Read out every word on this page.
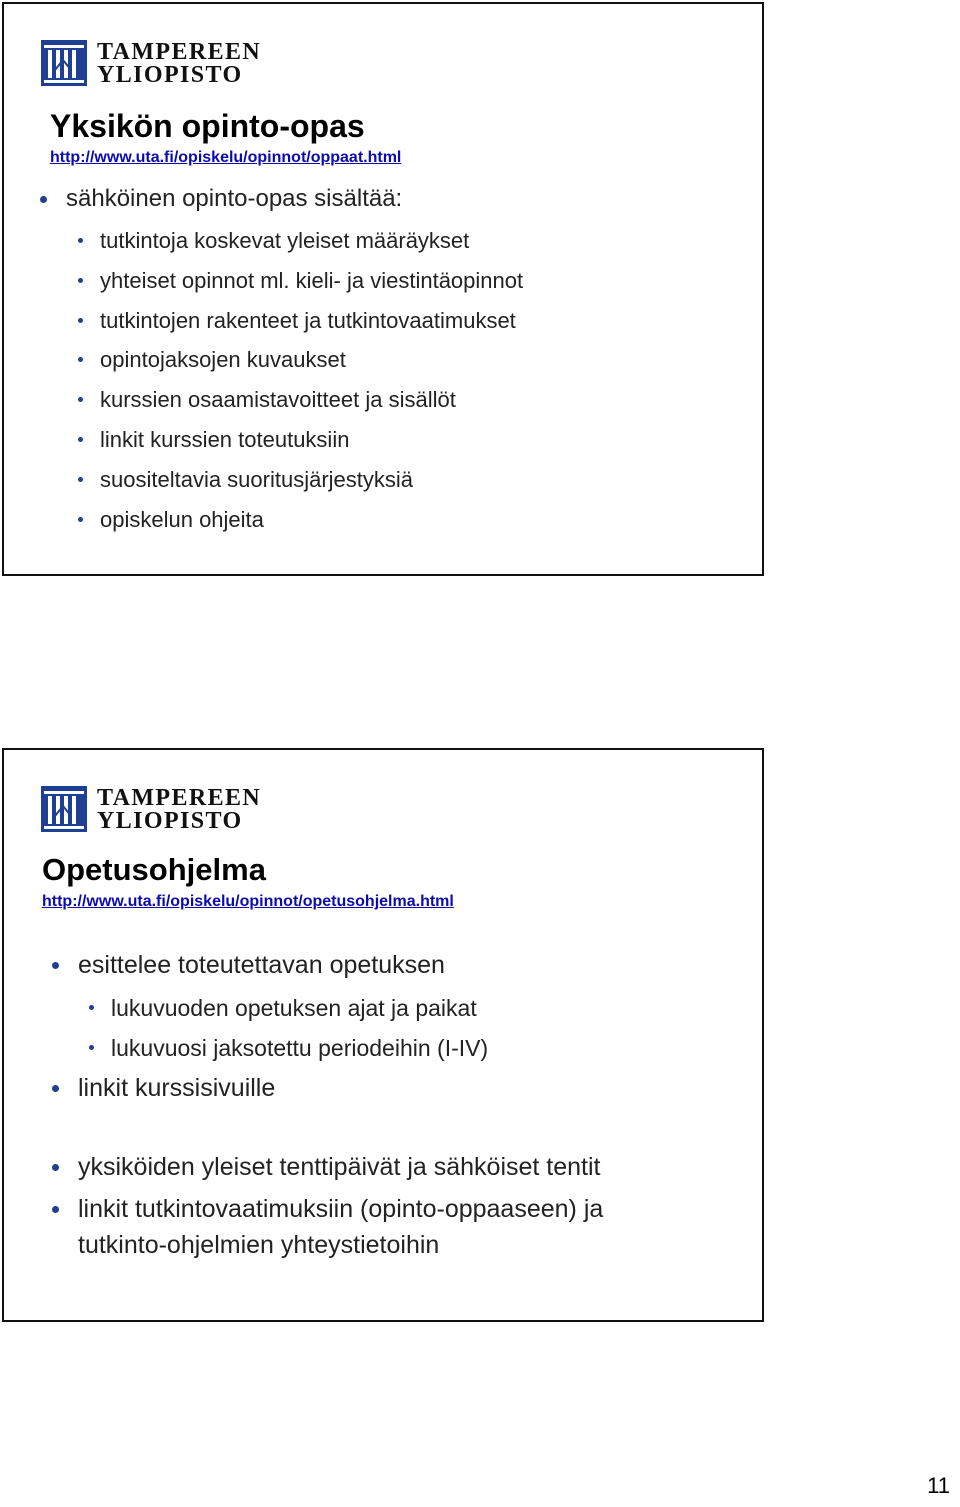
TAMPEREEN
YLIOPISTO
Yksikön opinto-opas
http://www.uta.fi/opiskelu/opinnot/oppaat.html
sähköinen opinto-opas sisältää:
tutkintoja koskevat yleiset määräykset
yhteiset opinnot ml. kieli- ja viestintäopinnot
tutkintojen rakenteet ja tutkintovaatimukset
opintojaksojen kuvaukset
kurssien osaamistavoitteet ja sisällöt
linkit kurssien toteutuksiin
suositeltavia suoritusjärjestyksiä
opiskelun ohjeita
TAMPEREEN
YLIOPISTO
Opetusohjelma
http://www.uta.fi/opiskelu/opinnot/opetusohjelma.html
esittelee toteutettavan opetuksen
lukuvuoden opetuksen ajat ja paikat
lukuvuosi jaksotettu periodeihin (I-IV)
linkit kurssisivuille
yksiköiden yleiset tenttipäivät ja sähköiset tentit
linkit tutkintovaatimuksiin (opinto-oppaaseen) ja
tutkinto-ohjelmien yhteystietoihin
11
